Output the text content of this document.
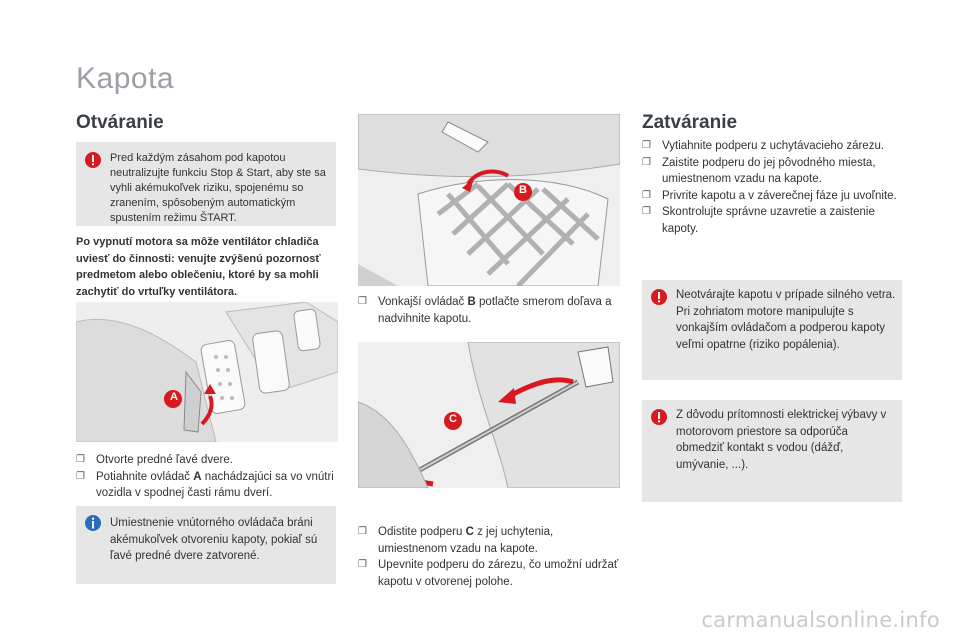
Kapota
Otváranie
Pred každým zásahom pod kapotou neutralizujte funkciu Stop & Start, aby ste sa vyhli akémukoľvek riziku, spojenému so zranením, spôsobeným automatickým spustením režimu ŠTART.
Po vypnutí motora sa môže ventilátor chladiča uviesť do činnosti: venujte zvýšenú pozornosť predmetom alebo oblečeniu, ktoré by sa mohli zachytiť do vrtuľky ventilátora.
A
❐ Otvorte predné ľavé dvere.
❐ Potiahnite ovládač A nachádzajúci sa vo vnútri vozidla v spodnej časti rámu dverí.
Umiestnenie vnútorného ovládača bráni akémukoľvek otvoreniu kapoty, pokiaľ sú ľavé predné dvere zatvorené.
B
❐ Vonkajší ovládač B potlačte smerom doľava a nadvihnite kapotu.
C
❐ Odistite podperu C z jej uchytenia, umiestnenom vzadu na kapote.
❐ Upevnite podperu do zárezu, čo umožní udržať kapotu v otvorenej polohe.
Zatváranie
❐ Vytiahnite podperu z uchytávacieho zárezu.
❐ Zaistite podperu do jej pôvodného miesta, umiestnenom vzadu na kapote.
❐ Privrite kapotu a v záverečnej fáze ju uvoľnite.
❐ Skontrolujte správne uzavretie a zaistenie kapoty.
Neotvárajte kapotu v prípade silného vetra.
Pri zohriatom motore manipulujte s vonkajším ovládačom a podperou kapoty veľmi opatrne (riziko popálenia).
Z dôvodu prítomnosti elektrickej výbavy v motorovom priestore sa odporúča obmedziť kontakt s vodou (dážď, umývanie, ...).
carmanualsonline.info
